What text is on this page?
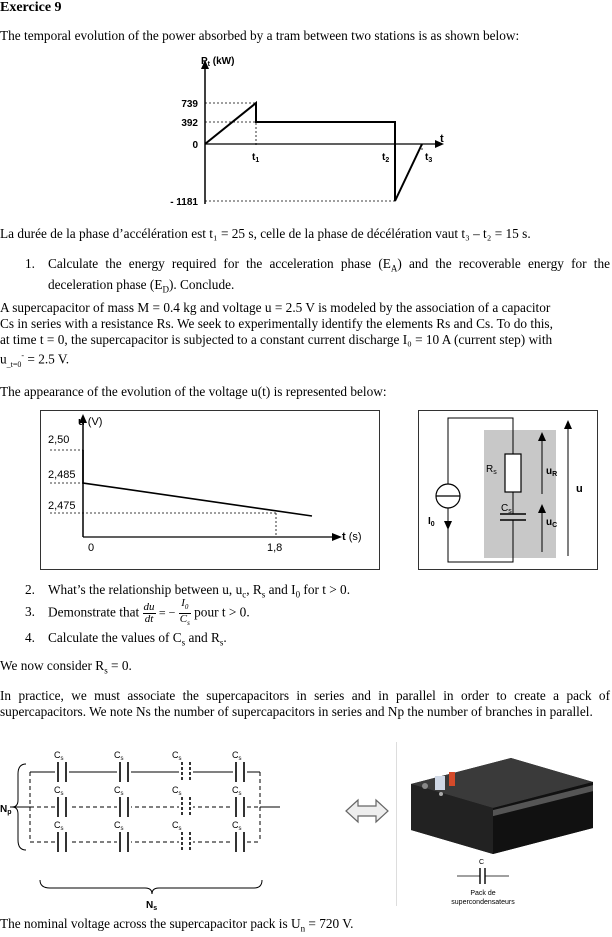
Exercice 9
The temporal evolution of the power absorbed by a tram between two stations is as shown below:
$P_t$ (kW)
739
392
0
- 1181
t
$t_1$	$t_2$	$t_3$
La durée de la phase d’accélération est t₁ = 25 s, celle de la phase de décélération vaut t₃ – t₂ = 15 s.
1. Calculate the energy required for the acceleration phase $(E_A)$ and the recoverable energy for the deceleration phase $(E_D)$. Conclude.
A supercapacitor of mass M = 0.4 kg and voltage u = 2.5 V is modeled by the association of a capacitor
Cs in series with a resistance Rs. We seek to experimentally identify the elements Rs and Cs. To do this,
at time t = 0, the supercapacitor is subjected to a constant current discharge I₀ = 10 A (current step) with
$u_{\_t=0}^- = 2.5$ V.
The appearance of the evolution of the voltage u(t) is represented below:
u (V)
2,50
2,485
2,475
0	1,8
t (s)
$R_s$	$u_R$
u
$C_s$
$u_C$
$I_0$
2. What’s the relationship between u, $u_c$, $R_s$ and $I_0$ for t > 0.
3. Demonstrate that $\frac{du}{dt}$ = − $\frac{I_0}{C_s}$ pour t > 0.
4. Calculate the values of $C_s$ and $R_s$.
We now consider $R_s = 0$.
In practice, we must associate the supercapacitors in series and in parallel in order to create a pack of supercapacitors. We note Ns the number of supercapacitors in series and Np the number of branches in parallel.
$C_s$	$C_s$	$C_s$	$C_s$
$C_s$	$C_s$	$C_s$	$C_s$
$C_s$	$C_s$	$C_s$	$C_s$
$N_p$
$N_s$
C
Pack de
supercondensateurs
The nominal voltage across the supercapacitor pack is $U_n = 720$ V.
